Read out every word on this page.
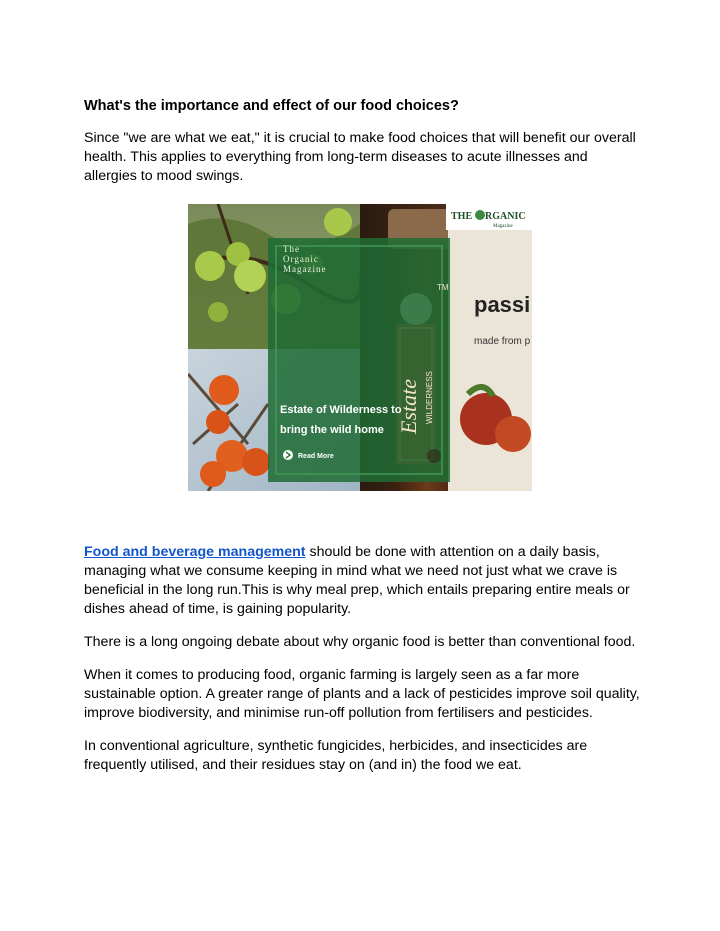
What's the importance and effect of our food choices?

Since "we are what we eat," it is crucial to make food choices that will benefit our overall health. This applies to everything from long-term diseases to acute illnesses and allergies to mood swings.

TM
Estate WILDERNESS
passi
made from p
THE RGANIC
Magazine
The
Organic
Magazine
Estate of Wilderness to
bring the wild home
Read More

Food and beverage management should be done with attention on a daily basis, managing what we consume keeping in mind what we need not just what we crave is beneficial in the long run.This is why meal prep, which entails preparing entire meals or dishes ahead of time, is gaining popularity.

There is a long ongoing debate about why organic food is better than conventional food.

When it comes to producing food, organic farming is largely seen as a far more sustainable option. A greater range of plants and a lack of pesticides improve soil quality, improve biodiversity, and minimise run-off pollution from fertilisers and pesticides.

In conventional agriculture, synthetic fungicides, herbicides, and insecticides are frequently utilised, and their residues stay on (and in) the food we eat.
